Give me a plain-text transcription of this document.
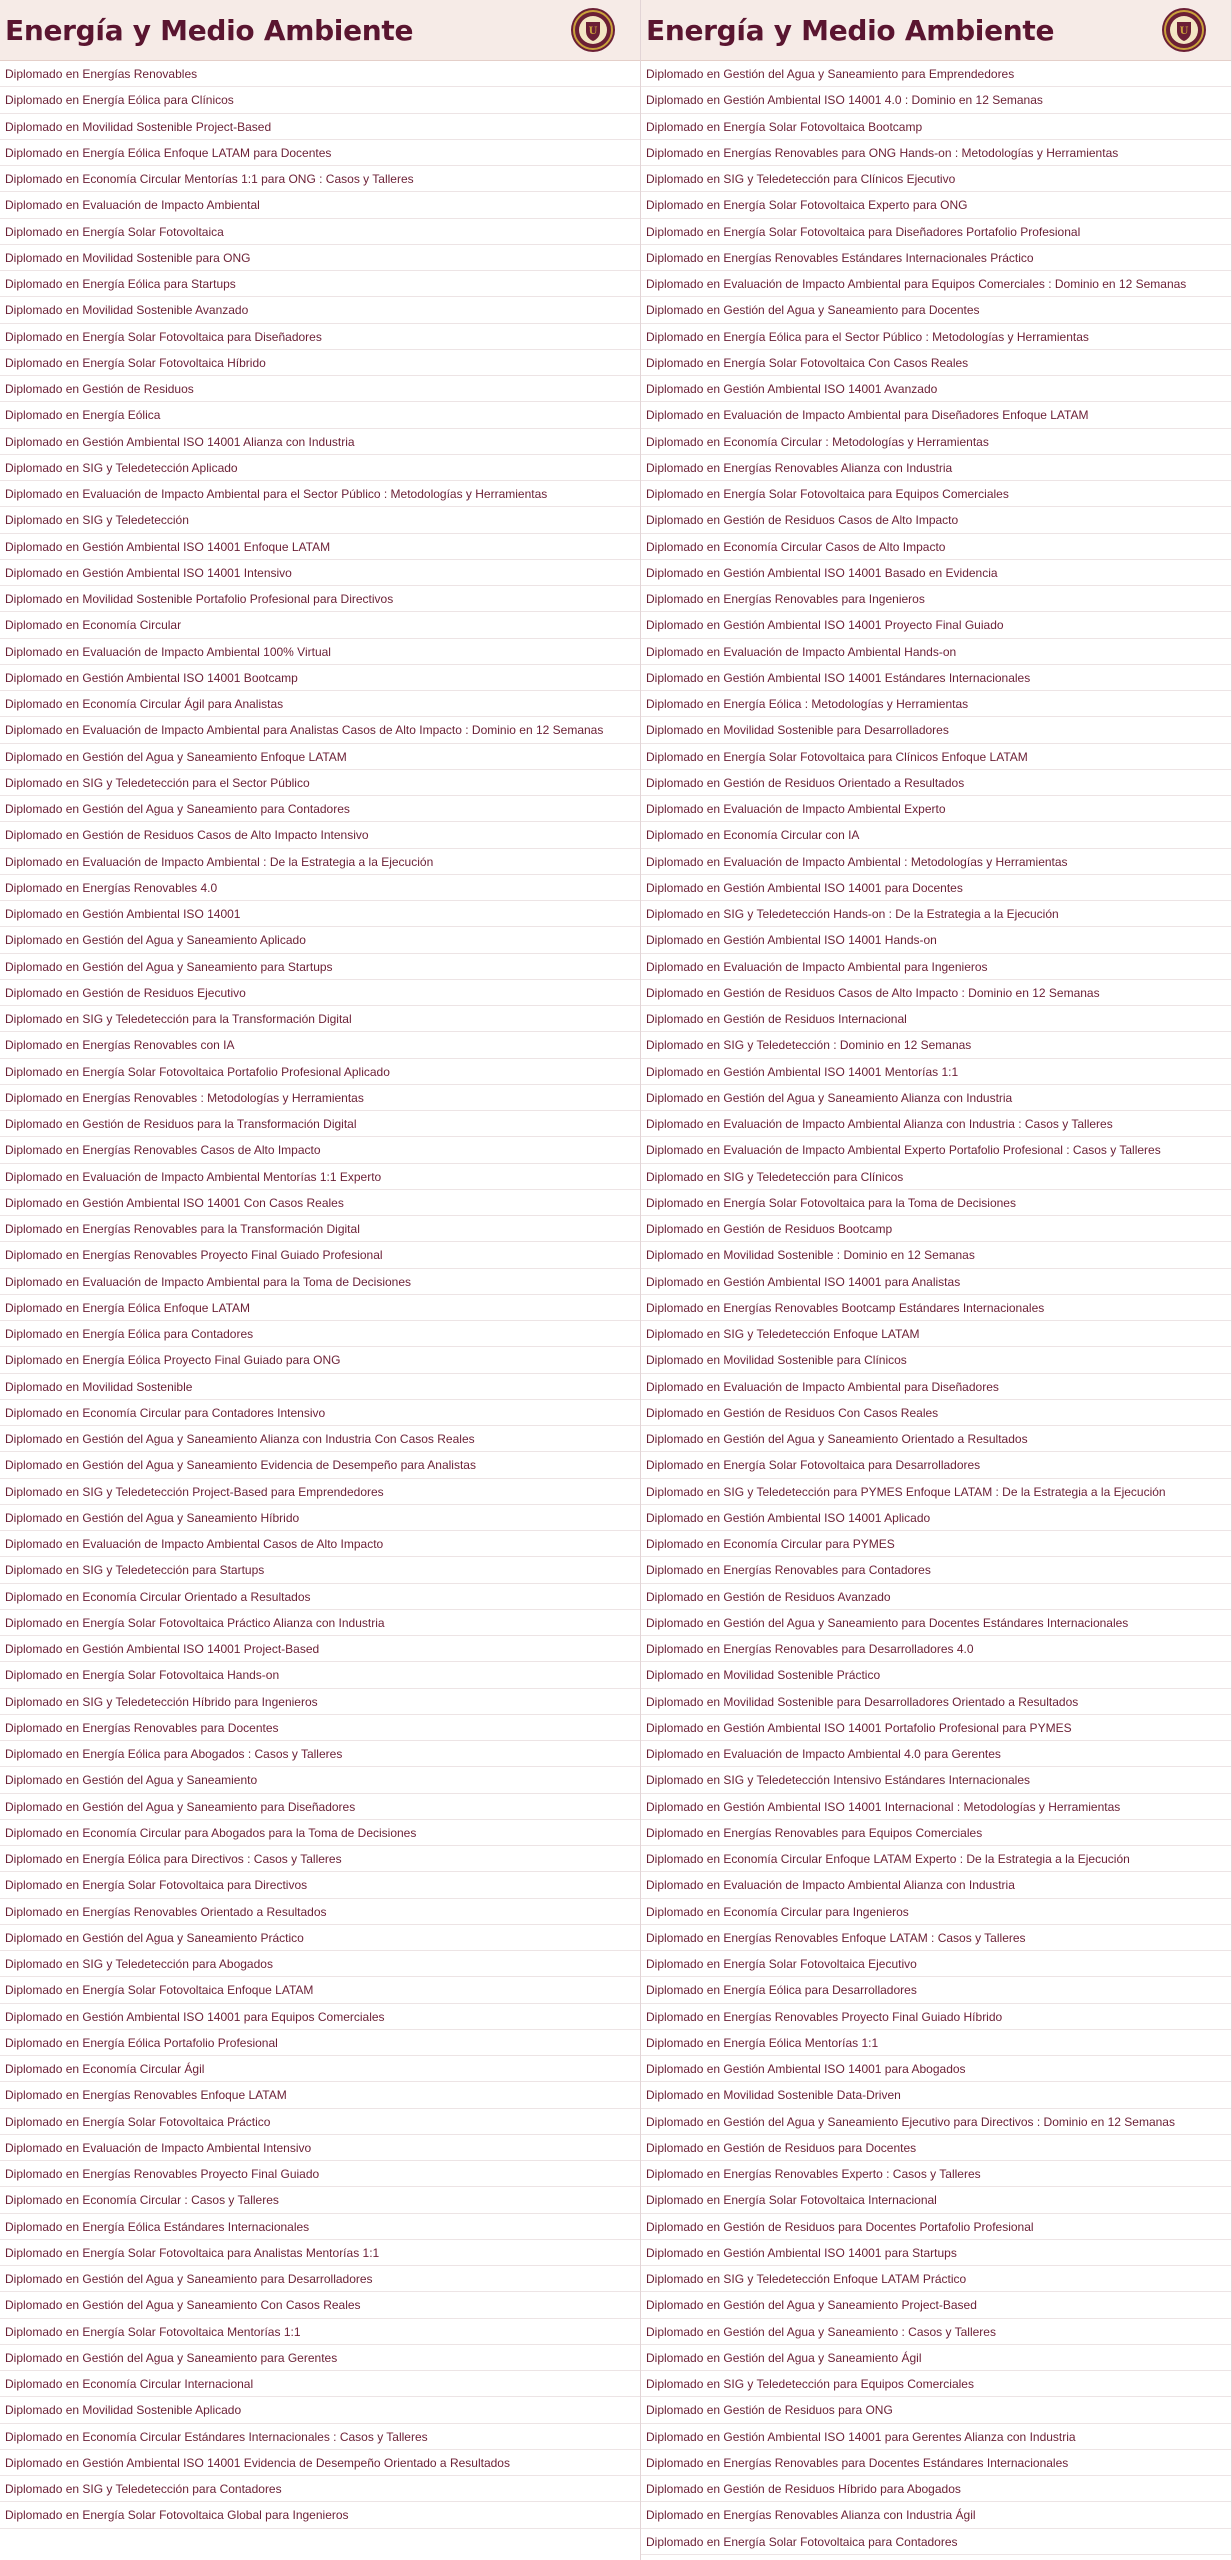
Energía y Medio Ambiente	U
Diplomado en Energías Renovables
Diplomado en Energía Eólica para Clínicos
Diplomado en Movilidad Sostenible Project-Based
Diplomado en Energía Eólica Enfoque LATAM para Docentes
Diplomado en Economía Circular Mentorías 1:1 para ONG : Casos y Talleres
Diplomado en Evaluación de Impacto Ambiental
Diplomado en Energía Solar Fotovoltaica
Diplomado en Movilidad Sostenible para ONG
Diplomado en Energía Eólica para Startups
Diplomado en Movilidad Sostenible Avanzado
Diplomado en Energía Solar Fotovoltaica para Diseñadores
Diplomado en Energía Solar Fotovoltaica Híbrido
Diplomado en Gestión de Residuos
Diplomado en Energía Eólica
Diplomado en Gestión Ambiental ISO 14001 Alianza con Industria
Diplomado en SIG y Teledetección Aplicado
Diplomado en Evaluación de Impacto Ambiental para el Sector Público : Metodologías y Herramientas
Diplomado en SIG y Teledetección
Diplomado en Gestión Ambiental ISO 14001 Enfoque LATAM
Diplomado en Gestión Ambiental ISO 14001 Intensivo
Diplomado en Movilidad Sostenible Portafolio Profesional para Directivos
Diplomado en Economía Circular
Diplomado en Evaluación de Impacto Ambiental 100% Virtual
Diplomado en Gestión Ambiental ISO 14001 Bootcamp
Diplomado en Economía Circular Ágil para Analistas
Diplomado en Evaluación de Impacto Ambiental para Analistas Casos de Alto Impacto : Dominio en 12 Semanas
Diplomado en Gestión del Agua y Saneamiento Enfoque LATAM
Diplomado en SIG y Teledetección para el Sector Público
Diplomado en Gestión del Agua y Saneamiento para Contadores
Diplomado en Gestión de Residuos Casos de Alto Impacto Intensivo
Diplomado en Evaluación de Impacto Ambiental : De la Estrategia a la Ejecución
Diplomado en Energías Renovables 4.0
Diplomado en Gestión Ambiental ISO 14001
Diplomado en Gestión del Agua y Saneamiento Aplicado
Diplomado en Gestión del Agua y Saneamiento para Startups
Diplomado en Gestión de Residuos Ejecutivo
Diplomado en SIG y Teledetección para la Transformación Digital
Diplomado en Energías Renovables con IA
Diplomado en Energía Solar Fotovoltaica Portafolio Profesional Aplicado
Diplomado en Energías Renovables : Metodologías y Herramientas
Diplomado en Gestión de Residuos para la Transformación Digital
Diplomado en Energías Renovables Casos de Alto Impacto
Diplomado en Evaluación de Impacto Ambiental Mentorías 1:1 Experto
Diplomado en Gestión Ambiental ISO 14001 Con Casos Reales
Diplomado en Energías Renovables para la Transformación Digital
Diplomado en Energías Renovables Proyecto Final Guiado Profesional
Diplomado en Evaluación de Impacto Ambiental para la Toma de Decisiones
Diplomado en Energía Eólica Enfoque LATAM
Diplomado en Energía Eólica para Contadores
Diplomado en Energía Eólica Proyecto Final Guiado para ONG
Diplomado en Movilidad Sostenible
Diplomado en Economía Circular para Contadores Intensivo
Diplomado en Gestión del Agua y Saneamiento Alianza con Industria Con Casos Reales
Diplomado en Gestión del Agua y Saneamiento Evidencia de Desempeño para Analistas
Diplomado en SIG y Teledetección Project-Based para Emprendedores
Diplomado en Gestión del Agua y Saneamiento Híbrido
Diplomado en Evaluación de Impacto Ambiental Casos de Alto Impacto
Diplomado en SIG y Teledetección para Startups
Diplomado en Economía Circular Orientado a Resultados
Diplomado en Energía Solar Fotovoltaica Práctico Alianza con Industria
Diplomado en Gestión Ambiental ISO 14001 Project-Based
Diplomado en Energía Solar Fotovoltaica Hands-on
Diplomado en SIG y Teledetección Híbrido para Ingenieros
Diplomado en Energías Renovables para Docentes
Diplomado en Energía Eólica para Abogados : Casos y Talleres
Diplomado en Gestión del Agua y Saneamiento
Diplomado en Gestión del Agua y Saneamiento para Diseñadores
Diplomado en Economía Circular para Abogados para la Toma de Decisiones
Diplomado en Energía Eólica para Directivos : Casos y Talleres
Diplomado en Energía Solar Fotovoltaica para Directivos
Diplomado en Energías Renovables Orientado a Resultados
Diplomado en Gestión del Agua y Saneamiento Práctico
Diplomado en SIG y Teledetección para Abogados
Diplomado en Energía Solar Fotovoltaica Enfoque LATAM
Diplomado en Gestión Ambiental ISO 14001 para Equipos Comerciales
Diplomado en Energía Eólica Portafolio Profesional
Diplomado en Economía Circular Ágil
Diplomado en Energías Renovables Enfoque LATAM
Diplomado en Energía Solar Fotovoltaica Práctico
Diplomado en Evaluación de Impacto Ambiental Intensivo
Diplomado en Energías Renovables Proyecto Final Guiado
Diplomado en Economía Circular : Casos y Talleres
Diplomado en Energía Eólica Estándares Internacionales
Diplomado en Energía Solar Fotovoltaica para Analistas Mentorías 1:1
Diplomado en Gestión del Agua y Saneamiento para Desarrolladores
Diplomado en Gestión del Agua y Saneamiento Con Casos Reales
Diplomado en Energía Solar Fotovoltaica Mentorías 1:1
Diplomado en Gestión del Agua y Saneamiento para Gerentes
Diplomado en Economía Circular Internacional
Diplomado en Movilidad Sostenible Aplicado
Diplomado en Economía Circular Estándares Internacionales : Casos y Talleres
Diplomado en Gestión Ambiental ISO 14001 Evidencia de Desempeño Orientado a Resultados
Diplomado en SIG y Teledetección para Contadores
Diplomado en Energía Solar Fotovoltaica Global para Ingenieros
Energía y Medio Ambiente	U
Diplomado en Gestión del Agua y Saneamiento para Emprendedores
Diplomado en Gestión Ambiental ISO 14001 4.0 : Dominio en 12 Semanas
Diplomado en Energía Solar Fotovoltaica Bootcamp
Diplomado en Energías Renovables para ONG Hands-on : Metodologías y Herramientas
Diplomado en SIG y Teledetección para Clínicos Ejecutivo
Diplomado en Energía Solar Fotovoltaica Experto para ONG
Diplomado en Energía Solar Fotovoltaica para Diseñadores Portafolio Profesional
Diplomado en Energías Renovables Estándares Internacionales Práctico
Diplomado en Evaluación de Impacto Ambiental para Equipos Comerciales : Dominio en 12 Semanas
Diplomado en Gestión del Agua y Saneamiento para Docentes
Diplomado en Energía Eólica para el Sector Público : Metodologías y Herramientas
Diplomado en Energía Solar Fotovoltaica Con Casos Reales
Diplomado en Gestión Ambiental ISO 14001 Avanzado
Diplomado en Evaluación de Impacto Ambiental para Diseñadores Enfoque LATAM
Diplomado en Economía Circular : Metodologías y Herramientas
Diplomado en Energías Renovables Alianza con Industria
Diplomado en Energía Solar Fotovoltaica para Equipos Comerciales
Diplomado en Gestión de Residuos Casos de Alto Impacto
Diplomado en Economía Circular Casos de Alto Impacto
Diplomado en Gestión Ambiental ISO 14001 Basado en Evidencia
Diplomado en Energías Renovables para Ingenieros
Diplomado en Gestión Ambiental ISO 14001 Proyecto Final Guiado
Diplomado en Evaluación de Impacto Ambiental Hands-on
Diplomado en Gestión Ambiental ISO 14001 Estándares Internacionales
Diplomado en Energía Eólica : Metodologías y Herramientas
Diplomado en Movilidad Sostenible para Desarrolladores
Diplomado en Energía Solar Fotovoltaica para Clínicos Enfoque LATAM
Diplomado en Gestión de Residuos Orientado a Resultados
Diplomado en Evaluación de Impacto Ambiental Experto
Diplomado en Economía Circular con IA
Diplomado en Evaluación de Impacto Ambiental : Metodologías y Herramientas
Diplomado en Gestión Ambiental ISO 14001 para Docentes
Diplomado en SIG y Teledetección Hands-on : De la Estrategia a la Ejecución
Diplomado en Gestión Ambiental ISO 14001 Hands-on
Diplomado en Evaluación de Impacto Ambiental para Ingenieros
Diplomado en Gestión de Residuos Casos de Alto Impacto : Dominio en 12 Semanas
Diplomado en Gestión de Residuos Internacional
Diplomado en SIG y Teledetección : Dominio en 12 Semanas
Diplomado en Gestión Ambiental ISO 14001 Mentorías 1:1
Diplomado en Gestión del Agua y Saneamiento Alianza con Industria
Diplomado en Evaluación de Impacto Ambiental Alianza con Industria : Casos y Talleres
Diplomado en Evaluación de Impacto Ambiental Experto Portafolio Profesional : Casos y Talleres
Diplomado en SIG y Teledetección para Clínicos
Diplomado en Energía Solar Fotovoltaica para la Toma de Decisiones
Diplomado en Gestión de Residuos Bootcamp
Diplomado en Movilidad Sostenible : Dominio en 12 Semanas
Diplomado en Gestión Ambiental ISO 14001 para Analistas
Diplomado en Energías Renovables Bootcamp Estándares Internacionales
Diplomado en SIG y Teledetección Enfoque LATAM
Diplomado en Movilidad Sostenible para Clínicos
Diplomado en Evaluación de Impacto Ambiental para Diseñadores
Diplomado en Gestión de Residuos Con Casos Reales
Diplomado en Gestión del Agua y Saneamiento Orientado a Resultados
Diplomado en Energía Solar Fotovoltaica para Desarrolladores
Diplomado en SIG y Teledetección para PYMES Enfoque LATAM : De la Estrategia a la Ejecución
Diplomado en Gestión Ambiental ISO 14001 Aplicado
Diplomado en Economía Circular para PYMES
Diplomado en Energías Renovables para Contadores
Diplomado en Gestión de Residuos Avanzado
Diplomado en Gestión del Agua y Saneamiento para Docentes Estándares Internacionales
Diplomado en Energías Renovables para Desarrolladores 4.0
Diplomado en Movilidad Sostenible Práctico
Diplomado en Movilidad Sostenible para Desarrolladores Orientado a Resultados
Diplomado en Gestión Ambiental ISO 14001 Portafolio Profesional para PYMES
Diplomado en Evaluación de Impacto Ambiental 4.0 para Gerentes
Diplomado en SIG y Teledetección Intensivo Estándares Internacionales
Diplomado en Gestión Ambiental ISO 14001 Internacional : Metodologías y Herramientas
Diplomado en Energías Renovables para Equipos Comerciales
Diplomado en Economía Circular Enfoque LATAM Experto : De la Estrategia a la Ejecución
Diplomado en Evaluación de Impacto Ambiental Alianza con Industria
Diplomado en Economía Circular para Ingenieros
Diplomado en Energías Renovables Enfoque LATAM : Casos y Talleres
Diplomado en Energía Solar Fotovoltaica Ejecutivo
Diplomado en Energía Eólica para Desarrolladores
Diplomado en Energías Renovables Proyecto Final Guiado Híbrido
Diplomado en Energía Eólica Mentorías 1:1
Diplomado en Gestión Ambiental ISO 14001 para Abogados
Diplomado en Movilidad Sostenible Data-Driven
Diplomado en Gestión del Agua y Saneamiento Ejecutivo para Directivos : Dominio en 12 Semanas
Diplomado en Gestión de Residuos para Docentes
Diplomado en Energías Renovables Experto : Casos y Talleres
Diplomado en Energía Solar Fotovoltaica Internacional
Diplomado en Gestión de Residuos para Docentes Portafolio Profesional
Diplomado en Gestión Ambiental ISO 14001 para Startups
Diplomado en SIG y Teledetección Enfoque LATAM Práctico
Diplomado en Gestión del Agua y Saneamiento Project-Based
Diplomado en Gestión del Agua y Saneamiento : Casos y Talleres
Diplomado en Gestión del Agua y Saneamiento Ágil
Diplomado en SIG y Teledetección para Equipos Comerciales
Diplomado en Gestión de Residuos para ONG
Diplomado en Gestión Ambiental ISO 14001 para Gerentes Alianza con Industria
Diplomado en Energías Renovables para Docentes Estándares Internacionales
Diplomado en Gestión de Residuos Híbrido para Abogados
Diplomado en Energías Renovables Alianza con Industria Ágil
Diplomado en Energía Solar Fotovoltaica para Contadores
